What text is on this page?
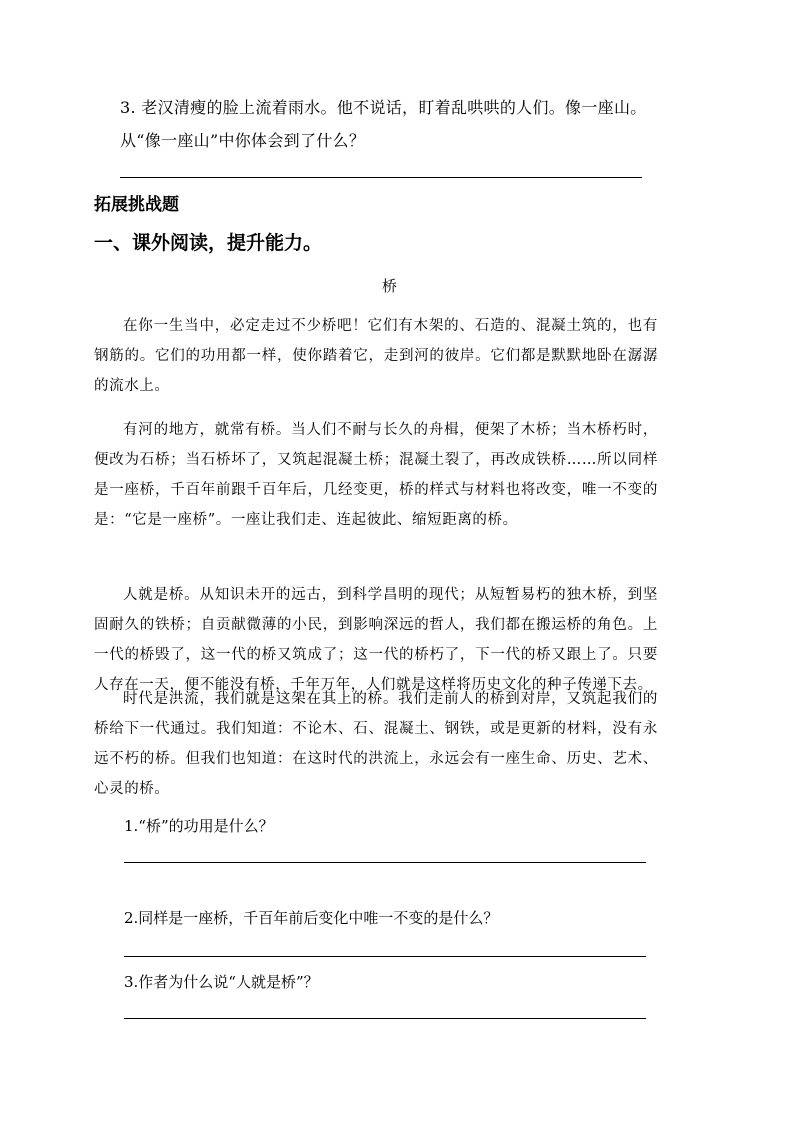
3. 老汉清瘦的脸上流着雨水。他不说话，盯着乱哄哄的人们。像一座山。
从“像一座山”中你体会到了什么？
拓展挑战题
一、课外阅读，提升能力。
桥
在你一生当中，必定走过不少桥吧！它们有木架的、石造的、混凝土筑的，也有钢筋的。它们的功用都一样，使你踏着它，走到河的彼岸。它们都是默默地卧在潺潺的流水上。
有河的地方，就常有桥。当人们不耐与长久的舟楫，便架了木桥；当木桥朽时，便改为石桥；当石桥坏了，又筑起混凝土桥；混凝土裂了，再改成铁桥……所以同样是一座桥，千百年前跟千百年后，几经变更，桥的样式与材料也将改变，唯一不变的是：“它是一座桥”。一座让我们走、连起彼此、缩短距离的桥。
人就是桥。从知识未开的远古，到科学昌明的现代；从短暂易朽的独木桥，到坚固耐久的铁桥；自贡献微薄的小民，到影响深远的哲人，我们都在搬运桥的角色。上一代的桥毁了，这一代的桥又筑成了；这一代的桥朽了，下一代的桥又跟上了。只要人存在一天，便不能没有桥，千年万年，人们就是这样将历史文化的种子传递下去。
时代是洪流，我们就是这架在其上的桥。我们走前人的桥到对岸，又筑起我们的桥给下一代通过。我们知道：不论木、石、混凝土、钢铁，或是更新的材料，没有永远不朽的桥。但我们也知道：在这时代的洪流上，永远会有一座生命、历史、艺术、心灵的桥。
1.“桥”的功用是什么？
2.同样是一座桥，千百年前后变化中唯一不变的是什么？
3.作者为什么说“人就是桥”？
